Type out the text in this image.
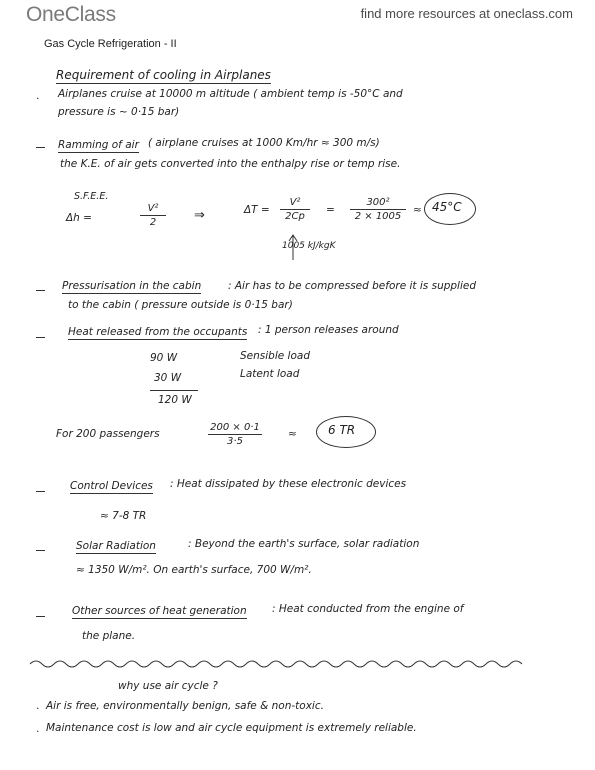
OneClass	find more resources at oneclass.com
Gas Cycle Refrigeration - II
Requirement of cooling in Airplanes
· Airplanes cruise at 10000 m altitude ( ambient temp is -50°C and
pressure is ~ 0·15 bar)
Ramming of air ( airplane cruises at 1000 Km/hr ≈ 300 m/s)
the K.E. of air gets converted into the enthalpy rise or temp rise.
S.F.E.E.
Δh =
V²
2	⇒	ΔT =
V²
2Cp
=
300²
2 × 1005
≈ 45°C
1005 kJ/kgK
Pressurisation in the cabin	: Air has to be compressed before it is supplied
to the cabin ( pressure outside is 0·15 bar)
Heat released from the occupants : 1 person releases around
90 W	Sensible load
30 W	Latent load
120 W
For 200 passengers
200 × 0·1
3·5
≈	6 TR
Control Devices : Heat dissipated by these electronic devices
≈ 7-8 TR
Solar Radiation	: Beyond the earth's surface, solar radiation
≈ 1350 W/m². On earth's surface, 700 W/m².
Other sources of heat generation : Heat conducted from the engine of
the plane.
why use air cycle ?
· Air is free, environmentally benign, safe & non-toxic.
· Maintenance cost is low and air cycle equipment is extremely reliable.
